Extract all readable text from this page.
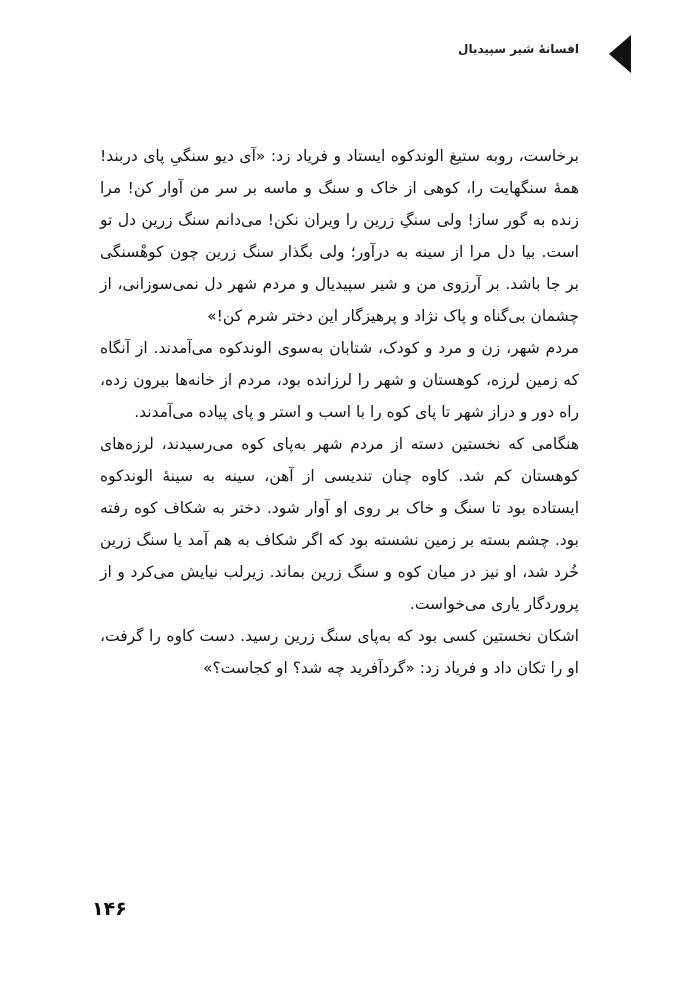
افسانهٔ شیر سپیدیال

برخاست، روبه ستیغ الوندکوه ایستاد و فریاد زد: «آی دیو سنگیِ پای دربند! همهٔ سنگهایت را، کوهی از خاک و سنگ و ماسه بر سر من آوار کن! مرا زنده به گور ساز! ولی سنگِ زرین را ویران نکن! می‌دانم سنگ زرین دل تو است. بیا دل مرا از سینه به درآور؛ ولی بگذار سنگ زرین چون کوهْسنگی بر جا باشد. بر آرزوی من و شیر سپیدیال و مردم شهر دل نمی‌سوزانی، از چشمان بی‌گناه و پاک نژاد و پرهیزگار این دختر شرم کن!»

مردم شهر، زن و مرد و کودک، شتابان به‌سوی الوندکوه می‌آمدند. از آنگاه که زمین لرزه، کوهستان و شهر را لرزانده بود، مردم از خانه‌ها بیرون زده، راه دور و دراز شهر تا پای کوه را با اسب و استر و پای پیاده می‌آمدند.

هنگامی که نخستین دسته از مردم شهر به‌پای کوه می‌رسیدند، لرزه‌های کوهستان کم شد. کاوه چنان تندیسی از آهن، سینه به سینهٔ الوندکوه ایستاده بود تا سنگ و خاک بر روی او آوار شود. دختر به شکاف کوه رفته بود. چشم بسته بر زمین نشسته بود که اگر شکاف به هم آمد یا سنگ زرین خُرد شد، او نیز در میان کوه و سنگ زرین بماند. زیرلب نیایش می‌کرد و از پروردگار یاری می‌خواست.

اشکان نخستین کسی بود که به‌پای سنگ زرین رسید. دست کاوه را گرفت، او را تکان داد و فریاد زد: «گردآفرید چه شد؟ او کجاست؟»

۱۴۶
